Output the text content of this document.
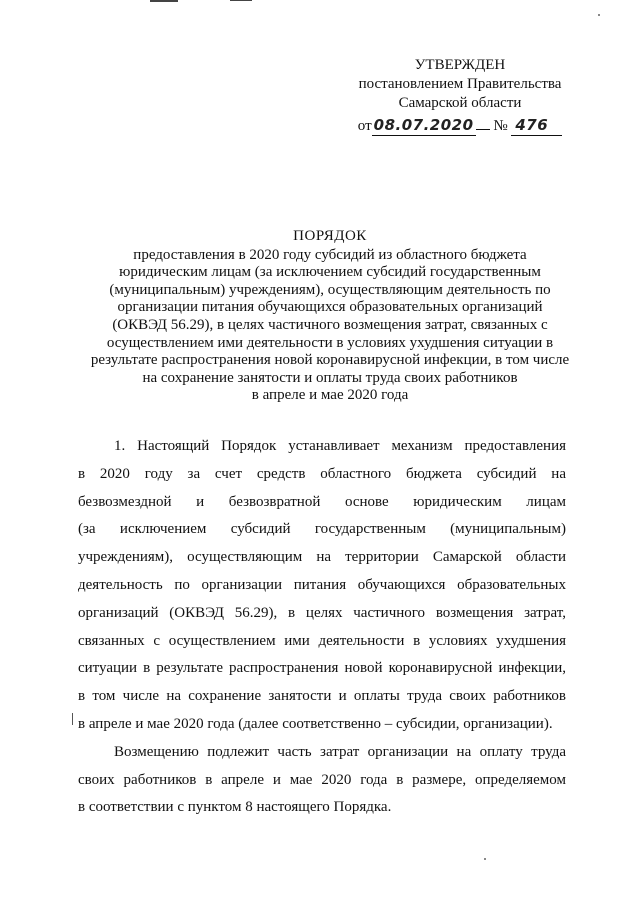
УТВЕРЖДЕН
постановлением Правительства
Самарской области
от 08.07.2020 № 476
ПОРЯДОК
предоставления в 2020 году субсидий из областного бюджета
юридическим лицам (за исключением субсидий государственным
(муниципальным) учреждениям), осуществляющим деятельность по
организации питания обучающихся образовательных организаций
(ОКВЭД 56.29), в целях частичного возмещения затрат, связанных с
осуществлением ими деятельности в условиях ухудшения ситуации в
результате распространения новой коронавирусной инфекции, в том числе
на сохранение занятости и оплаты труда своих работников
в апреле и мае 2020 года
1. Настоящий Порядок устанавливает механизм предоставления
в 2020 году за счет средств областного бюджета субсидий на
безвозмездной и безвозвратной основе юридическим лицам
(за исключением субсидий государственным (муниципальным)
учреждениям), осуществляющим на территории Самарской области
деятельность по организации питания обучающихся образовательных
организаций (ОКВЭД 56.29), в целях частичного возмещения затрат,
связанных с осуществлением ими деятельности в условиях ухудшения
ситуации в результате распространения новой коронавирусной инфекции,
в том числе на сохранение занятости и оплаты труда своих работников
в апреле и мае 2020 года (далее соответственно – субсидии, организации).
Возмещению подлежит часть затрат организации на оплату труда
своих работников в апреле и мае 2020 года в размере, определяемом
в соответствии с пунктом 8 настоящего Порядка.
